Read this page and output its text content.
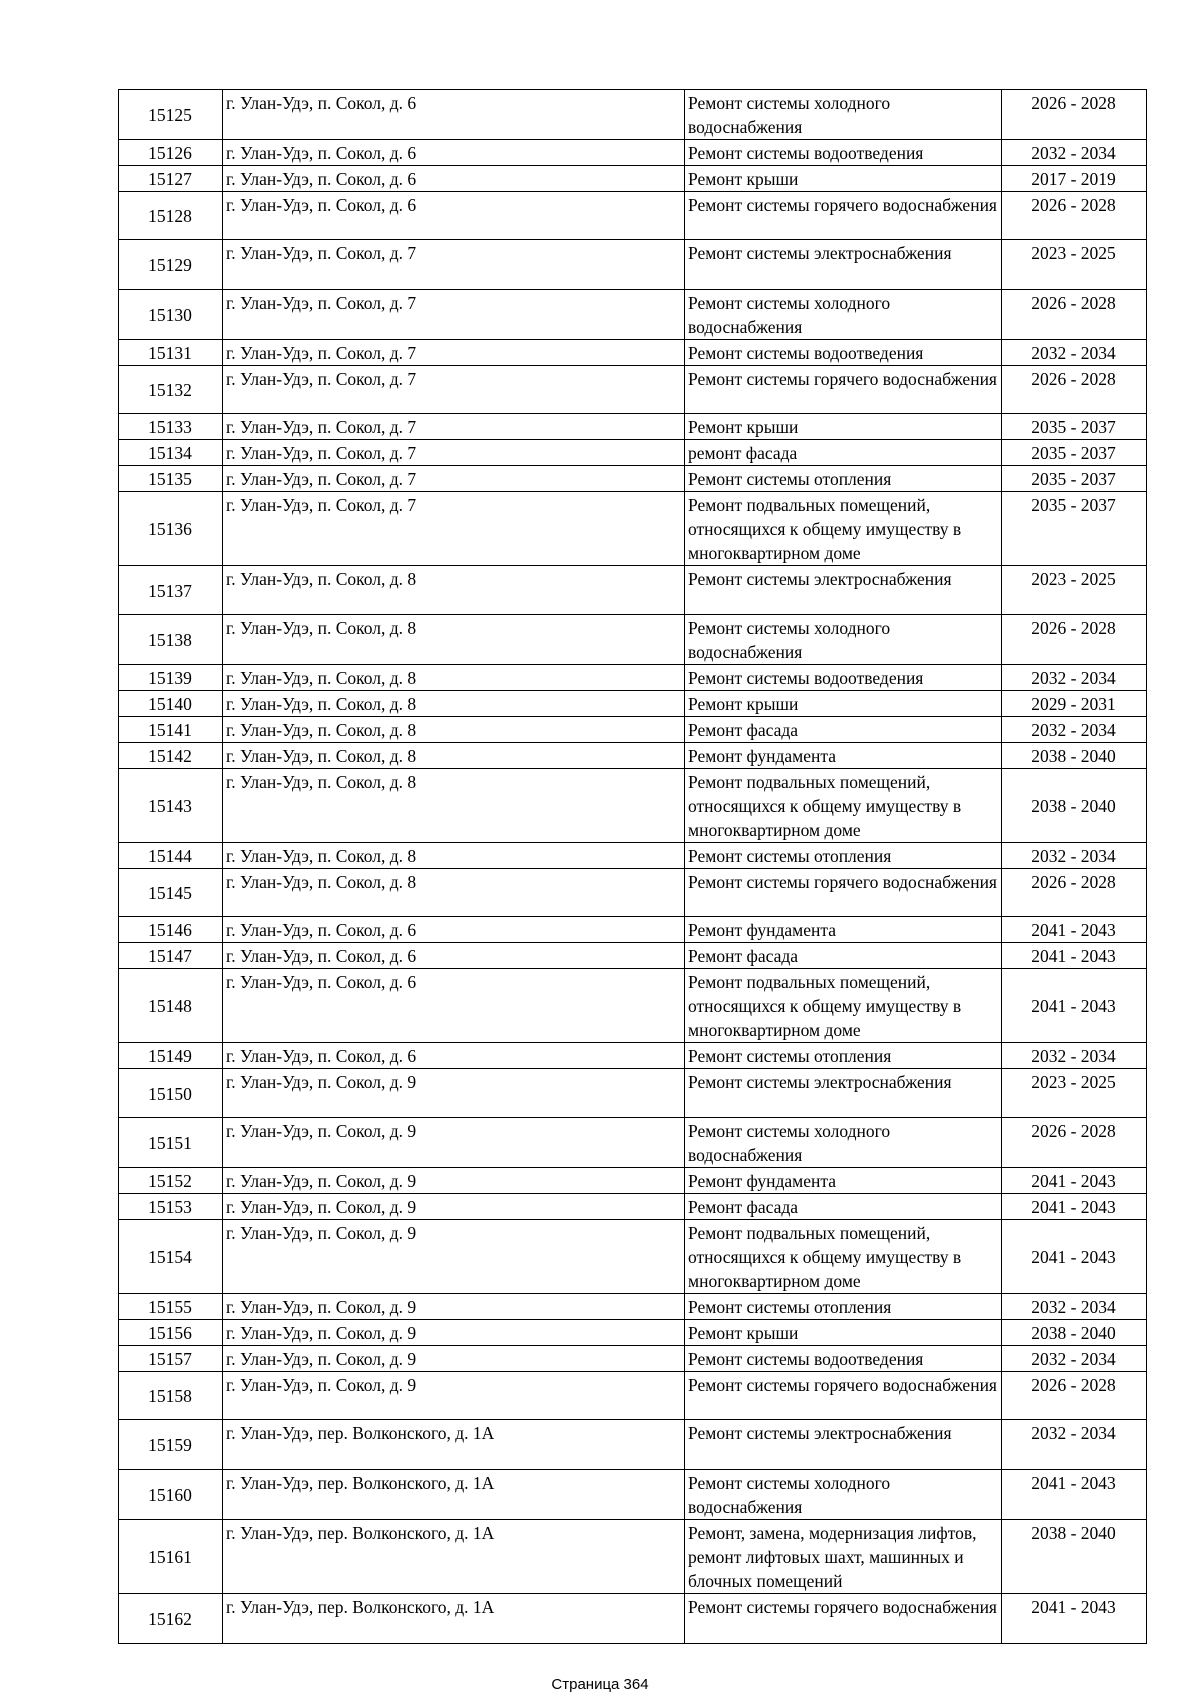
15125	г. Улан-Удэ, п. Сокол, д. 6	Ремонт системы холодного водоснабжения	2026 - 2028
15126	г. Улан-Удэ, п. Сокол, д. 6	Ремонт системы водоотведения	2032 - 2034
15127	г. Улан-Удэ, п. Сокол, д. 6	Ремонт крыши	2017 - 2019
15128	г. Улан-Удэ, п. Сокол, д. 6	Ремонт системы горячего водоснабжения	2026 - 2028
15129	г. Улан-Удэ, п. Сокол, д. 7	Ремонт системы электроснабжения	2023 - 2025
15130	г. Улан-Удэ, п. Сокол, д. 7	Ремонт системы холодного водоснабжения	2026 - 2028
15131	г. Улан-Удэ, п. Сокол, д. 7	Ремонт системы водоотведения	2032 - 2034
15132	г. Улан-Удэ, п. Сокол, д. 7	Ремонт системы горячего водоснабжения	2026 - 2028
15133	г. Улан-Удэ, п. Сокол, д. 7	Ремонт крыши	2035 - 2037
15134	г. Улан-Удэ, п. Сокол, д. 7	ремонт фасада	2035 - 2037
15135	г. Улан-Удэ, п. Сокол, д. 7	Ремонт системы отопления	2035 - 2037
15136	г. Улан-Удэ, п. Сокол, д. 7	Ремонт подвальных помещений, относящихся к общему имуществу в многоквартирном доме	2035 - 2037
15137	г. Улан-Удэ, п. Сокол, д. 8	Ремонт системы электроснабжения	2023 - 2025
15138	г. Улан-Удэ, п. Сокол, д. 8	Ремонт системы холодного водоснабжения	2026 - 2028
15139	г. Улан-Удэ, п. Сокол, д. 8	Ремонт системы водоотведения	2032 - 2034
15140	г. Улан-Удэ, п. Сокол, д. 8	Ремонт крыши	2029 - 2031
15141	г. Улан-Удэ, п. Сокол, д. 8	Ремонт фасада	2032 - 2034
15142	г. Улан-Удэ, п. Сокол, д. 8	Ремонт фундамента	2038 - 2040
15143	г. Улан-Удэ, п. Сокол, д. 8	Ремонт подвальных помещений, относящихся к общему имуществу в многоквартирном доме	2038 - 2040
15144	г. Улан-Удэ, п. Сокол, д. 8	Ремонт системы отопления	2032 - 2034
15145	г. Улан-Удэ, п. Сокол, д. 8	Ремонт системы горячего водоснабжения	2026 - 2028
15146	г. Улан-Удэ, п. Сокол, д. 6	Ремонт фундамента	2041 - 2043
15147	г. Улан-Удэ, п. Сокол, д. 6	Ремонт фасада	2041 - 2043
15148	г. Улан-Удэ, п. Сокол, д. 6	Ремонт подвальных помещений, относящихся к общему имуществу в многоквартирном доме	2041 - 2043
15149	г. Улан-Удэ, п. Сокол, д. 6	Ремонт системы отопления	2032 - 2034
15150	г. Улан-Удэ, п. Сокол, д. 9	Ремонт системы электроснабжения	2023 - 2025
15151	г. Улан-Удэ, п. Сокол, д. 9	Ремонт системы холодного водоснабжения	2026 - 2028
15152	г. Улан-Удэ, п. Сокол, д. 9	Ремонт фундамента	2041 - 2043
15153	г. Улан-Удэ, п. Сокол, д. 9	Ремонт фасада	2041 - 2043
15154	г. Улан-Удэ, п. Сокол, д. 9	Ремонт подвальных помещений, относящихся к общему имуществу в многоквартирном доме	2041 - 2043
15155	г. Улан-Удэ, п. Сокол, д. 9	Ремонт системы отопления	2032 - 2034
15156	г. Улан-Удэ, п. Сокол, д. 9	Ремонт крыши	2038 - 2040
15157	г. Улан-Удэ, п. Сокол, д. 9	Ремонт системы водоотведения	2032 - 2034
15158	г. Улан-Удэ, п. Сокол, д. 9	Ремонт системы горячего водоснабжения	2026 - 2028
15159	г. Улан-Удэ, пер. Волконского, д. 1А	Ремонт системы электроснабжения	2032 - 2034
15160	г. Улан-Удэ, пер. Волконского, д. 1А	Ремонт системы холодного водоснабжения	2041 - 2043
15161	г. Улан-Удэ, пер. Волконского, д. 1А	Ремонт, замена, модернизация лифтов, ремонт лифтовых шахт, машинных и блочных помещений	2038 - 2040
15162	г. Улан-Удэ, пер. Волконского, д. 1А	Ремонт системы горячего водоснабжения	2041 - 2043
Страница 364
